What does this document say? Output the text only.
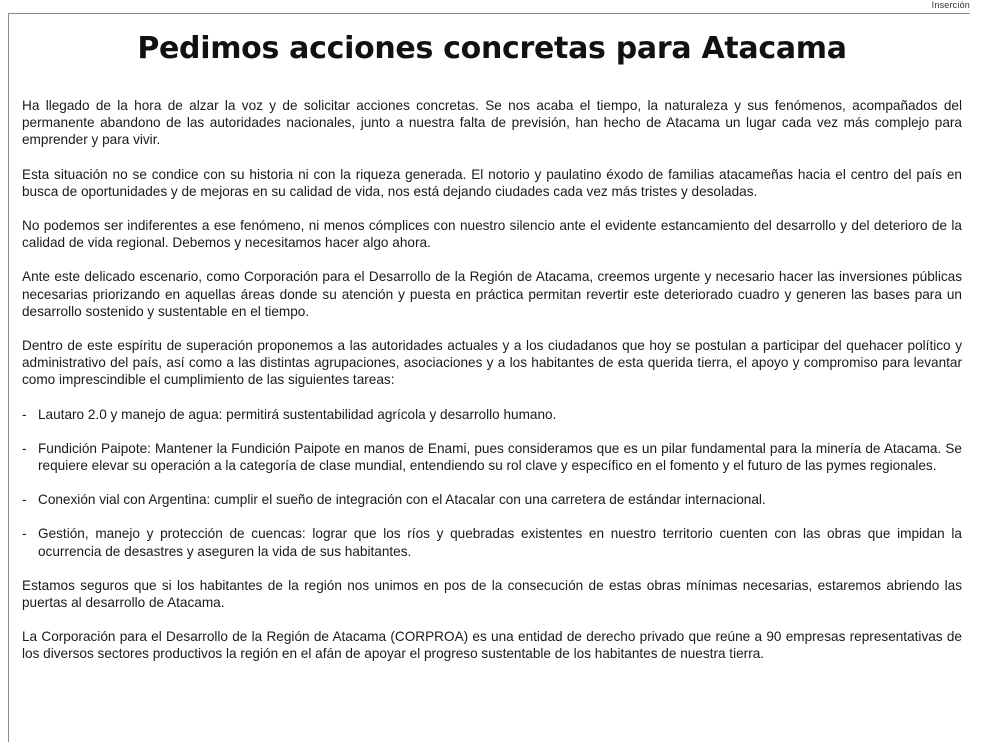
Inserción
Pedimos acciones concretas para Atacama

Ha llegado de la hora de alzar la voz y de solicitar acciones concretas. Se nos acaba el tiempo, la naturaleza y sus fenómenos, acompañados del permanente abandono de las autoridades nacionales, junto a nuestra falta de previsión, han hecho de Atacama un lugar cada vez más complejo para emprender y para vivir.

Esta situación no se condice con su historia ni con la riqueza generada. El notorio y paulatino éxodo de familias atacameñas hacia el centro del país en busca de oportunidades y de mejoras en su calidad de vida, nos está dejando ciudades cada vez más tristes y desoladas.

No podemos ser indiferentes a ese fenómeno, ni menos cómplices con nuestro silencio ante el evidente estancamiento del desarrollo y del deterioro de la calidad de vida regional. Debemos y necesitamos hacer algo ahora.

Ante este delicado escenario, como Corporación para el Desarrollo de la Región de Atacama, creemos urgente y necesario hacer las inversiones públicas necesarias priorizando en aquellas áreas donde su atención y puesta en práctica permitan revertir este deteriorado cuadro y generen las bases para un desarrollo sostenido y sustentable en el tiempo.

Dentro de este espíritu de superación proponemos a las autoridades actuales y a los ciudadanos que hoy se postulan a participar del quehacer político y administrativo del país, así como a las distintas agrupaciones, asociaciones y a los habitantes de esta querida tierra, el apoyo y compromiso para levantar como imprescindible el cumplimiento de las siguientes tareas:

- Lautaro 2.0 y manejo de agua: permitirá sustentabilidad agrícola y desarrollo humano.
- Fundición Paipote: Mantener la Fundición Paipote en manos de Enami, pues consideramos que es un pilar fundamental para la minería de Atacama. Se requiere elevar su operación a la categoría de clase mundial, entendiendo su rol clave y específico en el fomento y el futuro de las pymes regionales.
- Conexión vial con Argentina: cumplir el sueño de integración con el Atacalar con una carretera de estándar internacional.
- Gestión, manejo y protección de cuencas: lograr que los ríos y quebradas existentes en nuestro territorio cuenten con las obras que impidan la ocurrencia de desastres y aseguren la vida de sus habitantes.

Estamos seguros que si los habitantes de la región nos unimos en pos de la consecución de estas obras mínimas necesarias, estaremos abriendo las puertas al desarrollo de Atacama.

La Corporación para el Desarrollo de la Región de Atacama (CORPROA) es una entidad de derecho privado que reúne a 90 empresas representativas de los diversos sectores productivos la región en el afán de apoyar el progreso sustentable de los habitantes de nuestra tierra.
